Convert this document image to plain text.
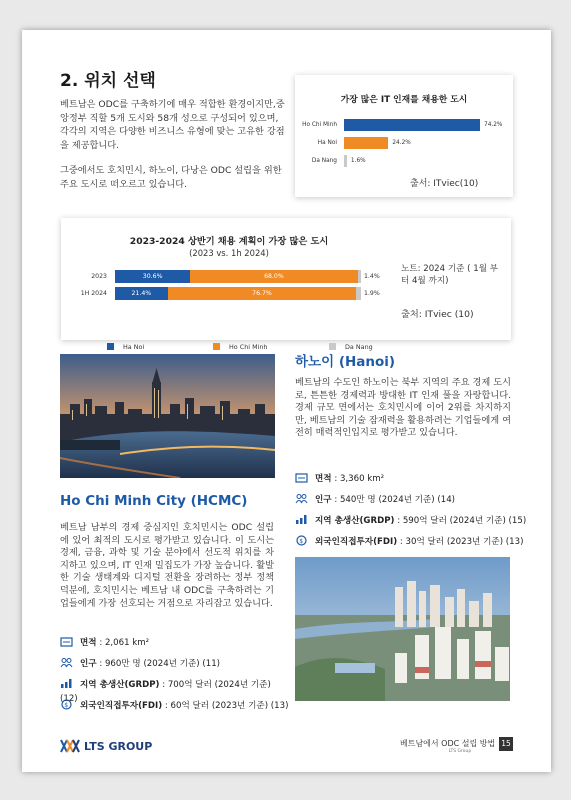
2. 위치 선택

베트남은 ODC를 구축하기에 매우 적합한 환경이지만,중앙정부 직할 5개 도시와 58개 성으로 구성되어 있으며,각각의 지역은 다양한 비즈니스 유형에 맞는 고유한 강점을 제공합니다.

그중에서도 호치민시, 하노이, 다낭은 ODC 설립을 위한 주요 도시로 떠오르고 있습니다.

가장 많은 IT 인재를 채용한 도시
Ho Chi Minh	74.2%
Ha Noi	24.2%
Da Nang 1.6%
출서: ITviec(10)
2023-2024 상반기 채용 계획이 가장 많은 도시
(2023 vs. 1h 2024)
2023	30.6%	68.0%	1.4%
1H 2024	21.4%	76.7%	1.9%
Ha Noi	Ho Chi Minh	Da Nang
노트: 2024 기준 ( 1월 부터 4월 까지)
출처: ITviec (10)
Ho Chi Minh City (HCMC)
베트남 남부의 경제 중심지인 호치민시는 ODC 설립에 있어 최적의 도시로 평가받고 있습니다. 이 도시는 경제, 금융, 과학 및 기술 분야에서 선도적 위치를 차지하고 있으며, IT 인재 밀집도가 가장 높습니다. 활발한 기술 생태계와 디지털 전환을 장려하는 정부 정책 덕분에, 호치민시는 베트남 내 ODC를 구축하려는 기업들에게 가장 선호되는 거점으로 자리잡고 있습니다.
면적 : 2,061 km²
인구 : 960만 명 (2024년 기준) (11)
지역 총생산(GRDP) : 700억 달러 (2024년 기준) (12)
$ 외국인직접투자(FDI) : 60억 달러 (2023년 기준) (13)
하노이 (Hanoi)
베트남의 수도인 하노이는 북부 지역의 주요 경제 도시로, 튼튼한 경제력과 방대한 IT 인재 풀을 자랑합니다. 경제 규모 면에서는 호치민시에 이어 2위를 차지하지만, 베트남의 기술 잠재력을 활용하려는 기업들에게 여전히 매력적인입지로 평가받고 있습니다.
면적 : 3,360 km²
인구 : 540만 명 (2024년 기준) (14)
지역 총생산(GRDP) : 590억 달러 (2024년 기준) (15)
$ 외국인직접투자(FDI) : 30억 달러 (2023년 기준) (13)
LTS GROUP	베트남에서 ODC 설립 방법
LTS Group
15
